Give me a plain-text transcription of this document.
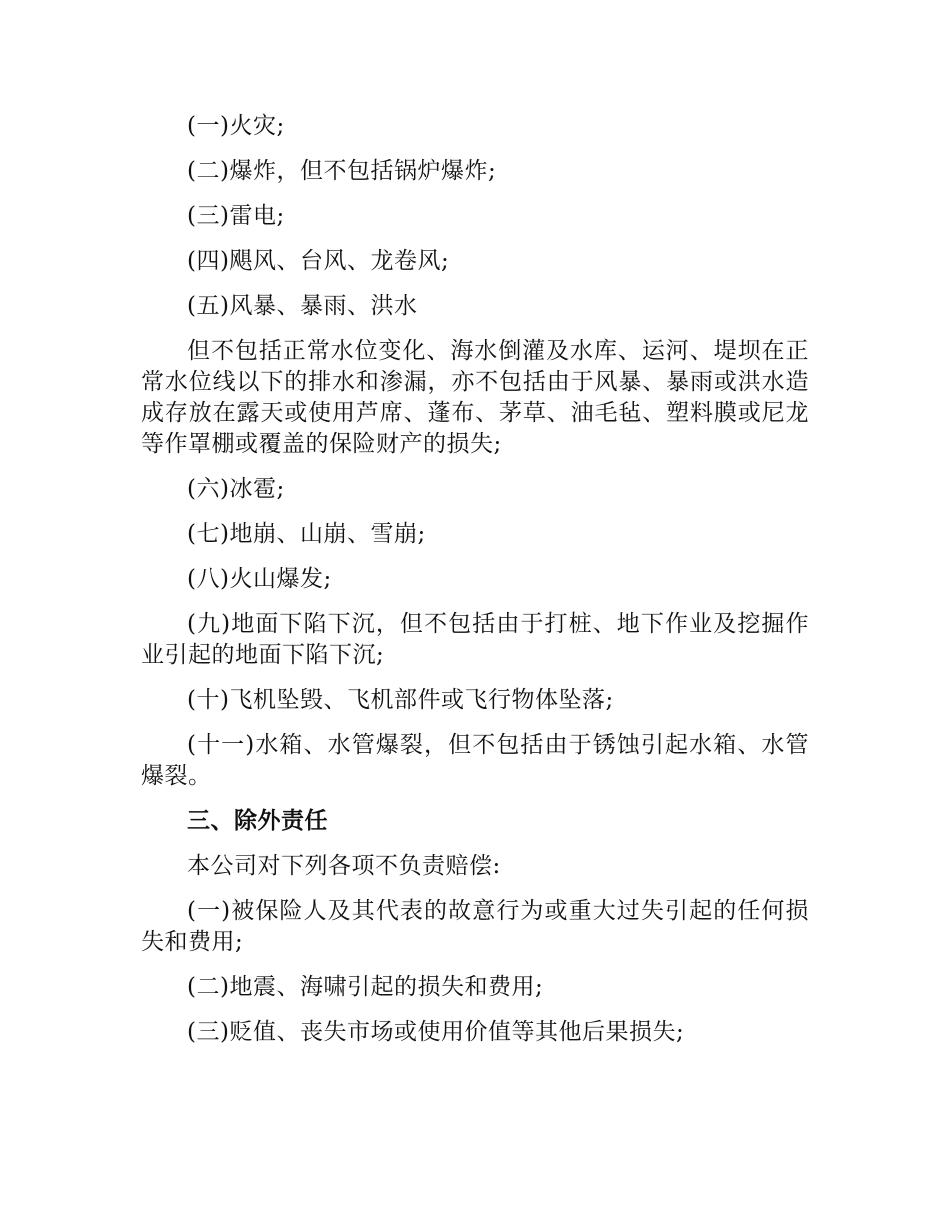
(一)火灾;

(二)爆炸，但不包括锅炉爆炸;

(三)雷电;

(四)飓风、台风、龙卷风;

(五)风暴、暴雨、洪水

但不包括正常水位变化、海水倒灌及水库、运河、堤坝在正常水位线以下的排水和渗漏，亦不包括由于风暴、暴雨或洪水造成存放在露天或使用芦席、蓬布、茅草、油毛毡、塑料膜或尼龙等作罩棚或覆盖的保险财产的损失;

(六)冰雹;

(七)地崩、山崩、雪崩;

(八)火山爆发;

(九)地面下陷下沉，但不包括由于打桩、地下作业及挖掘作业引起的地面下陷下沉;

(十)飞机坠毁、飞机部件或飞行物体坠落;

(十一)水箱、水管爆裂，但不包括由于锈蚀引起水箱、水管爆裂。

三、除外责任

本公司对下列各项不负责赔偿:

(一)被保险人及其代表的故意行为或重大过失引起的任何损失和费用;

(二)地震、海啸引起的损失和费用;

(三)贬值、丧失市场或使用价值等其他后果损失;
